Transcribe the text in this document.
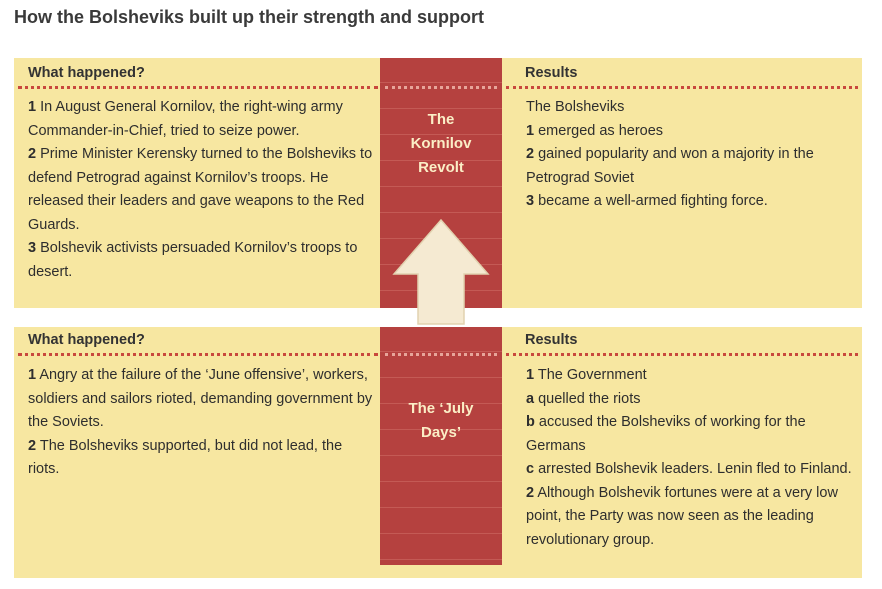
How the Bolsheviks built up their strength and support
What happened?	Results

1 In August General Kornilov, the right-wing army Commander-in-Chief, tried to seize power.

2 Prime Minister Kerensky turned to the Bolsheviks to defend Petrograd against Kornilov’s troops. He released their leaders and gave weapons to the Red Guards.

3 Bolshevik activists persuaded Kornilov’s troops to desert.

The Bolsheviks

1 emerged as heroes

2 gained popularity and won a majority in the Petrograd Soviet

3 became a well-armed fighting force.

The
Kornilov
Revolt
What happened?	Results

1 Angry at the failure of the ‘June offensive’, workers, soldiers and sailors rioted, demanding government by the Soviets.

2 The Bolsheviks supported, but did not lead, the riots.

1 The Government

a quelled the riots

b accused the Bolsheviks of working for the Germans

c arrested Bolshevik leaders. Lenin fled to Finland.

2 Although Bolshevik fortunes were at a very low point, the Party was now seen as the leading revolutionary group.

The ‘July
Days’
